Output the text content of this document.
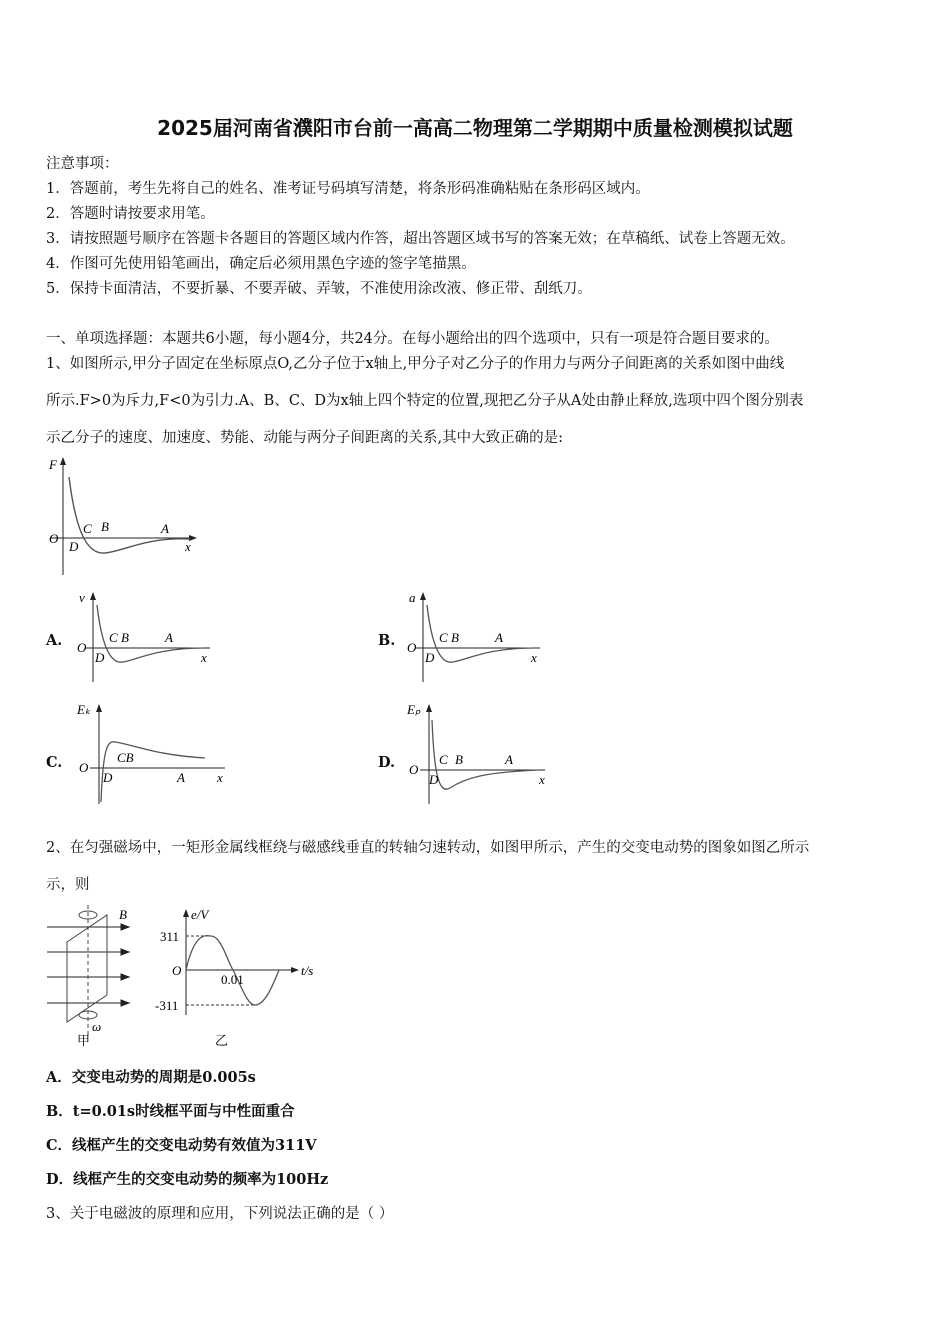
2025届河南省濮阳市台前一高高二物理第二学期期中质量检测模拟试题
注意事项：
1．答题前，考生先将自己的姓名、准考证号码填写清楚，将条形码准确粘贴在条形码区域内。
2．答题时请按要求用笔。
3．请按照题号顺序在答题卡各题目的答题区域内作答，超出答题区域书写的答案无效；在草稿纸、试卷上答题无效。
4．作图可先使用铅笔画出，确定后必须用黑色字迹的签字笔描黑。
5．保持卡面清洁，不要折暴、不要弄破、弄皱，不准使用涂改液、修正带、刮纸刀。
一、单项选择题：本题共6小题，每小题4分，共24分。在每小题给出的四个选项中，只有一项是符合题目要求的。
1、如图所示,甲分子固定在坐标原点O,乙分子位于x轴上,甲分子对乙分子的作用力与两分子间距离的关系如图中曲线
所示.F>0为斥力,F<0为引力.A、B、C、D为x轴上四个特定的位置,现把乙分子从A处由静止释放,选项中四个图分别表
示乙分子的速度、加速度、势能、动能与两分子间距离的关系,其中大致正确的是:
F
x
O
C B	A
D
A.
v
O
D
C B	A
x
B.
a
O
D
C B	A
x
C.
Eₖ
O
D
CB
A x
D.
Eₚ
O
D
C B	A
x
2、在匀强磁场中，一矩形金属线框绕与磁感线垂直的转轴匀速转动，如图甲所示，产生的交变电动势的图象如图乙所示
示，则
B
ω
甲
e/V
t/s
O
311
-311
0.01
乙
A．交变电动势的周期是0.005s
B．t=0.01s时线框平面与中性面重合
C．线框产生的交变电动势有效值为311V
D．线框产生的交变电动势的频率为100Hz
3、关于电磁波的原理和应用，下列说法正确的是（ ）
